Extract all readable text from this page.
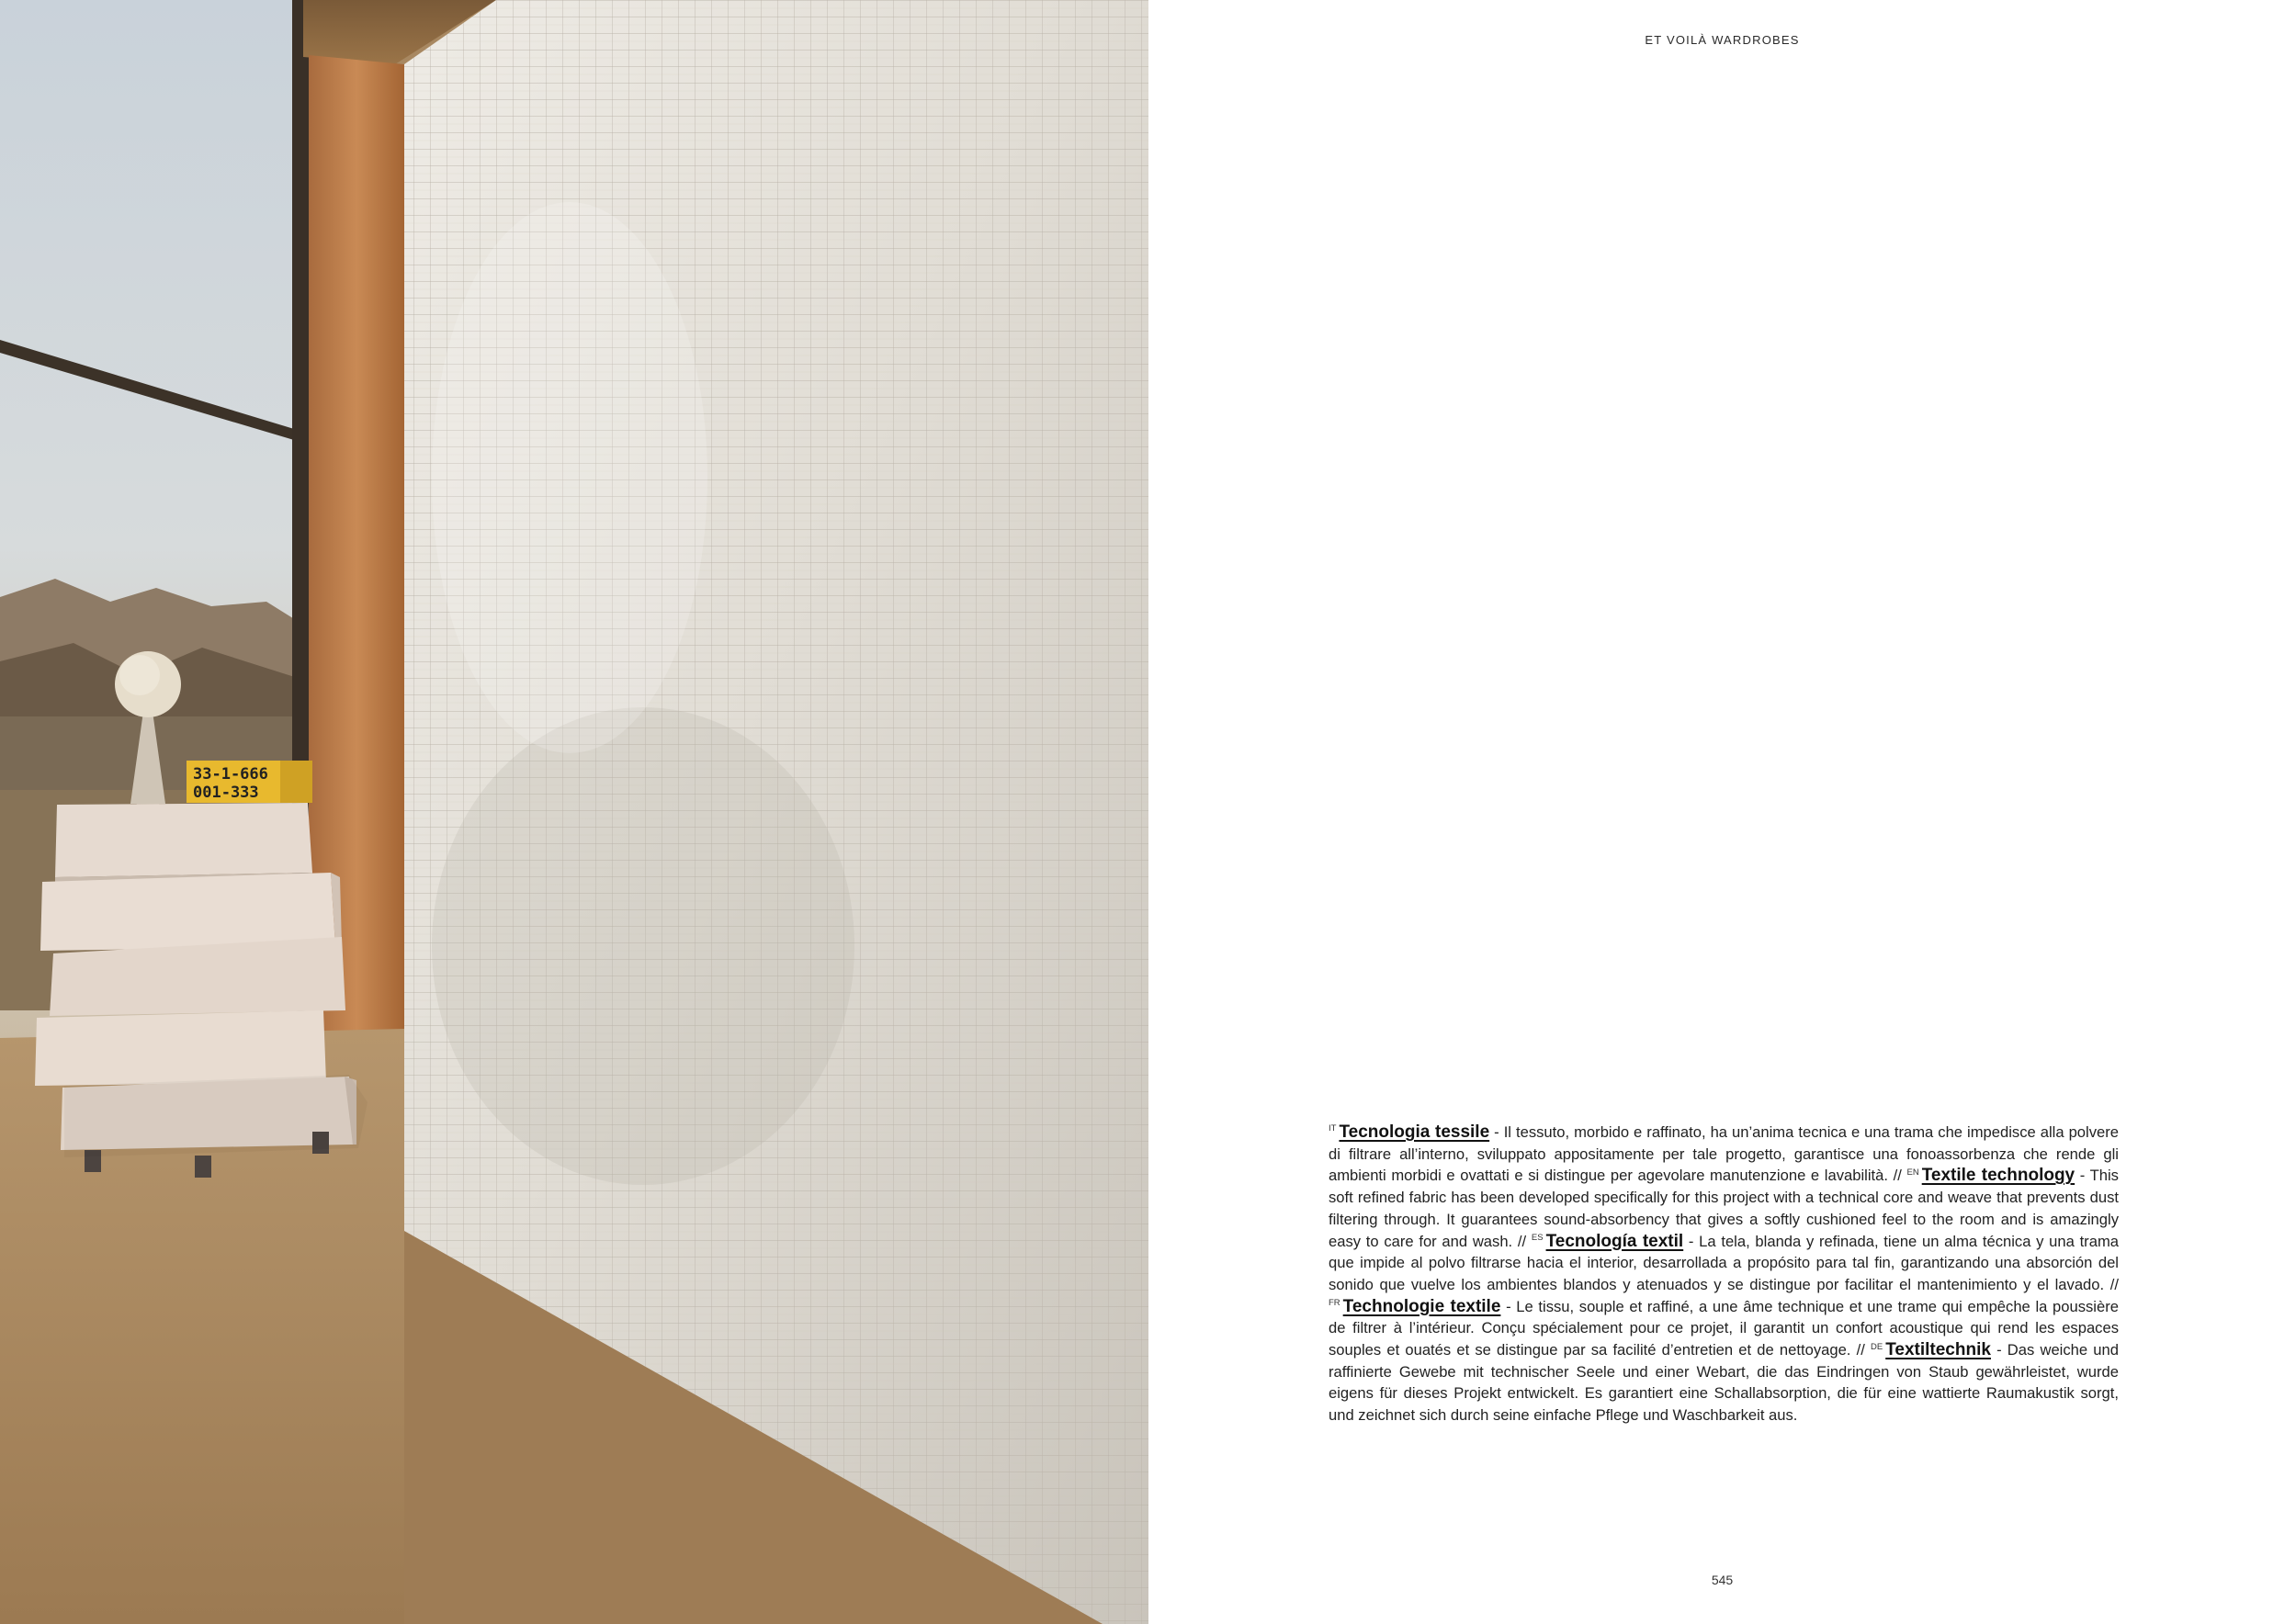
33-1-666
001-333
ET VOILÀ WARDROBES
$^{IT}$ Tecnologia tessile - Il tessuto, morbido e raffinato, ha un’anima tecnica e una trama che impedisce alla polvere di filtrare all’interno, sviluppato appositamente per tale progetto, garantisce una fonoassorbenza che rende gli ambienti morbidi e ovattati e si distingue per agevolare manutenzione e lavabilità. // $^{EN}$ Textile technology - This soft refined fabric has been developed specifically for this project with a technical core and weave that prevents dust filtering through. It guarantees sound-absorbency that gives a softly cushioned feel to the room and is amazingly easy to care for and wash. // $^{ES}$ Tecnología textil - La tela, blanda y refinada, tiene un alma técnica y una trama que impide al polvo filtrarse hacia el interior, desarrollada a propósito para tal fin, garantizando una absorción del sonido que vuelve los ambientes blandos y atenuados y se distingue por facilitar el mantenimiento y el lavado. // $^{FR}$ Technologie textile - Le tissu, souple et raffiné, a une âme technique et une trame qui empêche la poussière de filtrer à l’intérieur. Conçu spécialement pour ce projet, il garantit un confort acoustique qui rend les espaces souples et ouatés et se distingue par sa facilité d’entretien et de nettoyage. // $^{DE}$ Textiltechnik - Das weiche und raffinierte Gewebe mit technischer Seele und einer Webart, die das Eindringen von Staub gewährleistet, wurde eigens für dieses Projekt entwickelt. Es garantiert eine Schallabsorption, die für eine wattierte Raumakustik sorgt, und zeichnet sich durch seine einfache Pflege und Waschbarkeit aus.
545
